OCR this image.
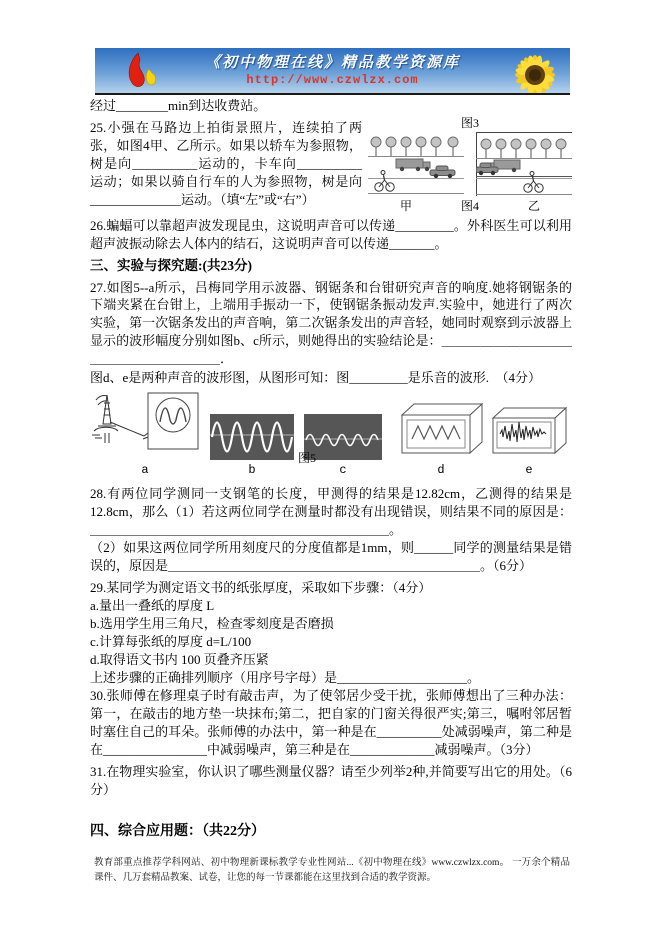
《初中物理在线》精品教学资源库
http://www.czwlzx.com

经过________min到达收费站。

图3
甲	图4	乙

25.小强在马路边上拍街景照片，连续拍了两张，如图4甲、乙所示。如果以轿车为参照物，树是向__________运动的，卡车向__________运动；如果以骑自行车的人为参照物，树是向______________运动。（填“左”或“右”）

26.蝙蝠可以靠超声波发现昆虫，这说明声音可以传递_________。外科医生可以利用超声波振动除去人体内的结石，这说明声音可以传递_______。

三、实验与探究题:(共23分)

27.如图5--a所示，吕梅同学用示波器、钢锯条和台钳研究声音的响度.她将钢锯条的下端夹紧在台钳上，上端用手振动一下，使钢锯条振动发声.实验中，她进行了两次实验，第一次锯条发出的声音响，第二次锯条发出的声音轻，她同时观察到示波器上显示的波形幅度分别如图b、c所示，则她得出的实验结论是：＿＿＿＿＿＿＿＿＿＿＿＿＿＿＿＿＿＿＿＿．

图d、e是两种声音的波形图，从图形可知：图_________是乐音的波形.　（4分）

a	b	c	d	e
图5

28.有两位同学测同一支钢笔的长度，甲测得的结果是12.82cm，乙测得的结果是12.8cm，那么（1）若这两位同学在测量时都没有出现错误，则结果不同的原因是：＿＿＿＿＿＿＿＿＿＿＿＿＿＿＿＿＿＿＿＿＿＿＿。

（2）如果这两位同学所用刻度尺的分度值都是1mm，则______同学的测量结果是错误的，原因是＿＿＿＿＿＿＿＿＿＿＿＿＿＿＿＿＿＿＿＿＿＿＿＿。（6分）

29.某同学为测定语文书的纸张厚度，采取如下步骤：（4分）

a.量出一叠纸的厚度 L

b.选用学生用三角尺，检查零刻度是否磨损

c.计算每张纸的厚度 d=L/100

d.取得语文书内 100 页叠齐压紧

上述步骤的正确排列顺序（用序号字母）是____________________。

30.张师傅在修理桌子时有敲击声，为了使邻居少受干扰，张师傅想出了三种办法：第一，在敲击的地方垫一块抹布;第二，把自家的门窗关得很严实;第三，嘱咐邻居暂时塞住自己的耳朵。张师傅的办法中，第一种是在__________处减弱噪声，第二种是在________________中减弱噪声，第三种是在_____________减弱噪声。（3分）

31.在物理实验室，你认识了哪些测量仪器？请至少列举2种,并简要写出它的用处。（6分）

四、综合应用题：（共22分）
教育部重点推荐学科网站、初中物理新课标教学专业性网站...《初中物理在线》www.czwlzx.com。 一万余个精品课件、几万套精品教案、试卷，让您的每一节课都能在这里找到合适的教学资源。
